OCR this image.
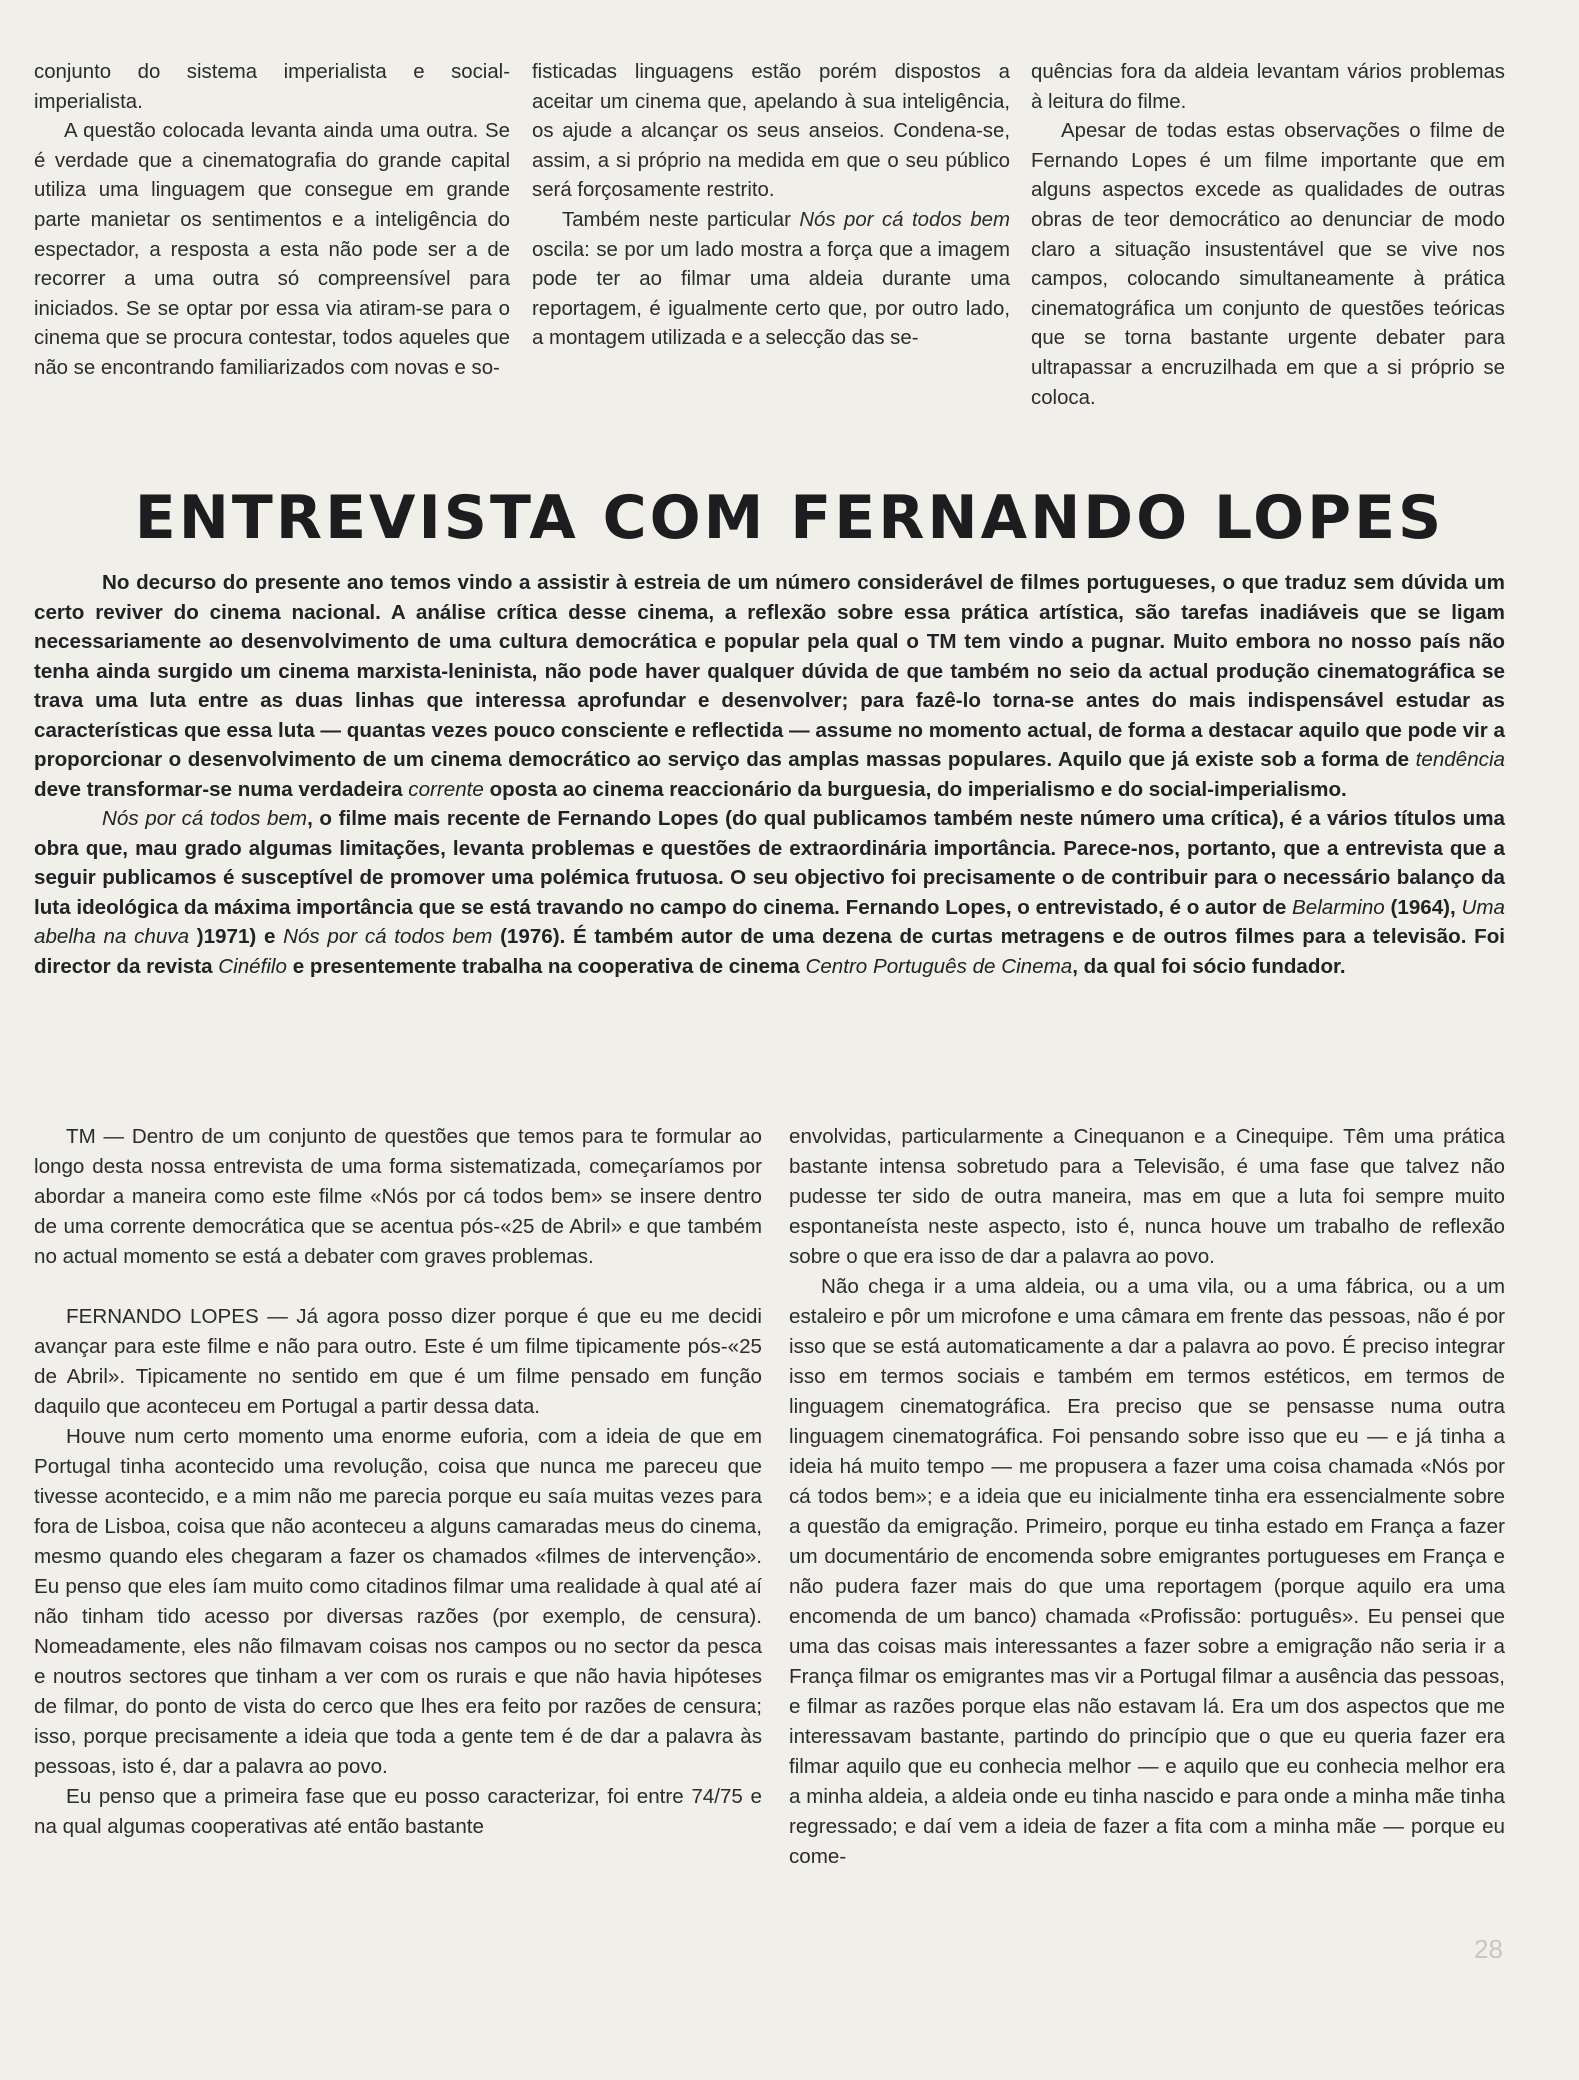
conjunto do sistema imperialista e social-imperialista.

A questão colocada levanta ainda uma outra. Se é verdade que a cinematografia do grande capital utiliza uma linguagem que consegue em grande parte manietar os sentimentos e a inteligência do espectador, a resposta a esta não pode ser a de recorrer a uma outra só compreensível para iniciados. Se se optar por essa via atiram-se para o cinema que se procura contestar, todos aqueles que não se encontrando familiarizados com novas e so-

fisticadas linguagens estão porém dispostos a aceitar um cinema que, apelando à sua inteligência, os ajude a alcançar os seus anseios. Condena-se, assim, a si próprio na medida em que o seu público será forçosamente restrito.

Também neste particular Nós por cá todos bem oscila: se por um lado mostra a força que a imagem pode ter ao filmar uma aldeia durante uma reportagem, é igualmente certo que, por outro lado, a montagem utilizada e a selecção das se-

quências fora da aldeia levantam vários problemas à leitura do filme.

Apesar de todas estas observações o filme de Fernando Lopes é um filme importante que em alguns aspectos excede as qualidades de outras obras de teor democrático ao denunciar de modo claro a situação insustentável que se vive nos campos, colocando simultaneamente à prática cinematográfica um conjunto de questões teóricas que se torna bastante urgente debater para ultrapassar a encruzilhada em que a si próprio se coloca.

ENTREVISTA COM FERNANDO LOPES

No decurso do presente ano temos vindo a assistir à estreia de um número considerável de filmes portugueses, o que traduz sem dúvida um certo reviver do cinema nacional. A análise crítica desse cinema, a reflexão sobre essa prática artística, são tarefas inadiáveis que se ligam necessariamente ao desenvolvimento de uma cultura democrática e popular pela qual o TM tem vindo a pugnar. Muito embora no nosso país não tenha ainda surgido um cinema marxista-leninista, não pode haver qualquer dúvida de que também no seio da actual produção cinematográfica se trava uma luta entre as duas linhas que interessa aprofundar e desenvolver; para fazê-lo torna-se antes do mais indispensável estudar as características que essa luta — quantas vezes pouco consciente e reflectida — assume no momento actual, de forma a destacar aquilo que pode vir a proporcionar o desenvolvimento de um cinema democrático ao serviço das amplas massas populares. Aquilo que já existe sob a forma de tendência deve transformar-se numa verdadeira corrente oposta ao cinema reaccionário da burguesia, do imperialismo e do social-imperialismo.

Nós por cá todos bem, o filme mais recente de Fernando Lopes (do qual publicamos também neste número uma crítica), é a vários títulos uma obra que, mau grado algumas limitações, levanta problemas e questões de extraordinária importância. Parece-nos, portanto, que a entrevista que a seguir publicamos é susceptível de promover uma polémica frutuosa. O seu objectivo foi precisamente o de contribuir para o necessário balanço da luta ideológica da máxima importância que se está travando no campo do cinema. Fernando Lopes, o entrevistado, é o autor de Belarmino (1964), Uma abelha na chuva )1971) e Nós por cá todos bem (1976). É também autor de uma dezena de curtas metragens e de outros filmes para a televisão. Foi director da revista Cinéfilo e presentemente trabalha na cooperativa de cinema Centro Português de Cinema, da qual foi sócio fundador.

TM — Dentro de um conjunto de questões que temos para te formular ao longo desta nossa entrevista de uma forma sistematizada, começaríamos por abordar a maneira como este filme «Nós por cá todos bem» se insere dentro de uma corrente democrática que se acentua pós-«25 de Abril» e que também no actual momento se está a debater com graves problemas.

FERNANDO LOPES — Já agora posso dizer porque é que eu me decidi avançar para este filme e não para outro. Este é um filme tipicamente pós-«25 de Abril». Tipicamente no sentido em que é um filme pensado em função daquilo que aconteceu em Portugal a partir dessa data.

Houve num certo momento uma enorme euforia, com a ideia de que em Portugal tinha acontecido uma revolução, coisa que nunca me pareceu que tivesse acontecido, e a mim não me parecia porque eu saía muitas vezes para fora de Lisboa, coisa que não aconteceu a alguns camaradas meus do cinema, mesmo quando eles chegaram a fazer os chamados «filmes de intervenção». Eu penso que eles íam muito como citadinos filmar uma realidade à qual até aí não tinham tido acesso por diversas razões (por exemplo, de censura). Nomeadamente, eles não filmavam coisas nos campos ou no sector da pesca e noutros sectores que tinham a ver com os rurais e que não havia hipóteses de filmar, do ponto de vista do cerco que lhes era feito por razões de censura; isso, porque precisamente a ideia que toda a gente tem é de dar a palavra às pessoas, isto é, dar a palavra ao povo.

Eu penso que a primeira fase que eu posso caracterizar, foi entre 74/75 e na qual algumas cooperativas até então bastante

envolvidas, particularmente a Cinequanon e a Cinequipe. Têm uma prática bastante intensa sobretudo para a Televisão, é uma fase que talvez não pudesse ter sido de outra maneira, mas em que a luta foi sempre muito espontaneísta neste aspecto, isto é, nunca houve um trabalho de reflexão sobre o que era isso de dar a palavra ao povo.

Não chega ir a uma aldeia, ou a uma vila, ou a uma fábrica, ou a um estaleiro e pôr um microfone e uma câmara em frente das pessoas, não é por isso que se está automaticamente a dar a palavra ao povo. É preciso integrar isso em termos sociais e também em termos estéticos, em termos de linguagem cinematográfica. Era preciso que se pensasse numa outra linguagem cinematográfica. Foi pensando sobre isso que eu — e já tinha a ideia há muito tempo — me propusera a fazer uma coisa chamada «Nós por cá todos bem»; e a ideia que eu inicialmente tinha era essencialmente sobre a questão da emigração. Primeiro, porque eu tinha estado em França a fazer um documentário de encomenda sobre emigrantes portugueses em França e não pudera fazer mais do que uma reportagem (porque aquilo era uma encomenda de um banco) chamada «Profissão: português». Eu pensei que uma das coisas mais interessantes a fazer sobre a emigração não seria ir a França filmar os emigrantes mas vir a Portugal filmar a ausência das pessoas, e filmar as razões porque elas não estavam lá. Era um dos aspectos que me interessavam bastante, partindo do princípio que o que eu queria fazer era filmar aquilo que eu conhecia melhor — e aquilo que eu conhecia melhor era a minha aldeia, a aldeia onde eu tinha nascido e para onde a minha mãe tinha regressado; e daí vem a ideia de fazer a fita com a minha mãe — porque eu come-

28
